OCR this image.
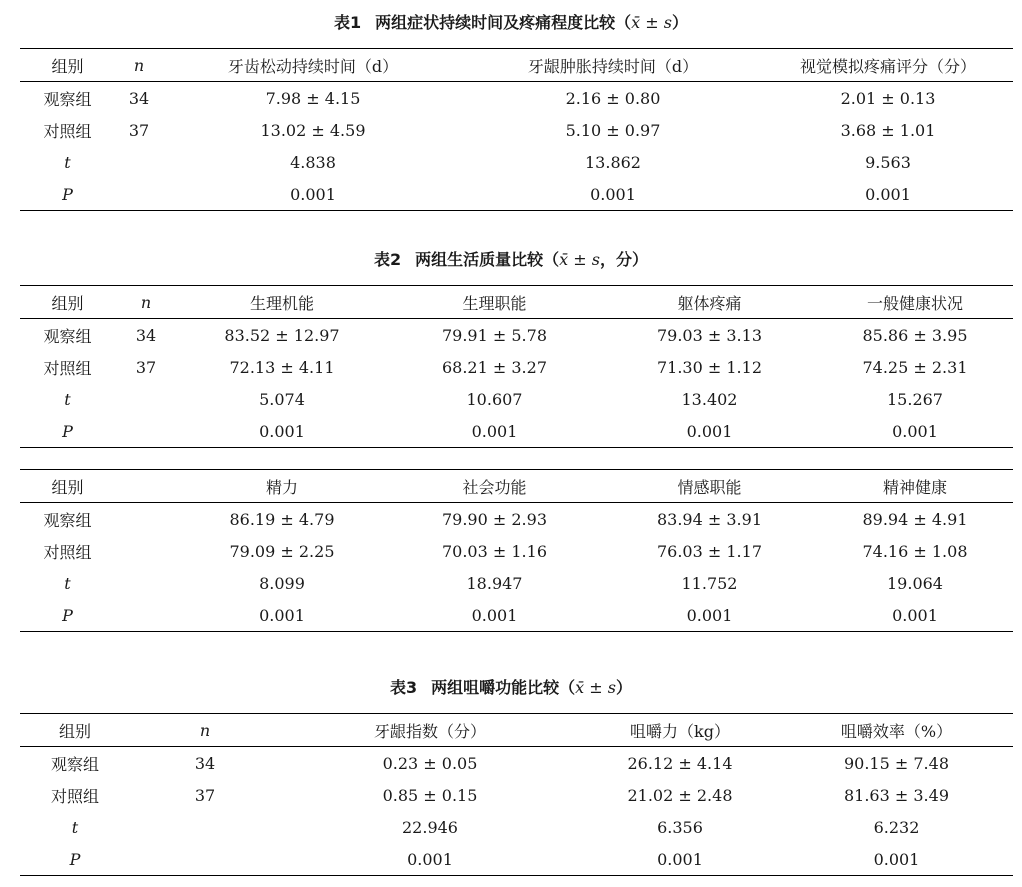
表1 两组症状持续时间及疼痛程度比较（x̄ ± s）

组别	n	牙齿松动持续时间（d）	牙龈肿胀持续时间（d）	视觉模拟疼痛评分（分）
观察组	34	7.98 ± 4.15	2.16 ± 0.80	2.01 ± 0.13
对照组	37	13.02 ± 4.59	5.10 ± 0.97	3.68 ± 1.01
t		4.838	13.862	9.563
P		0.001	0.001	0.001

表2 两组生活质量比较（x̄ ± s，分）

组别	n	生理机能	生理职能	躯体疼痛	一般健康状况
观察组	34	83.52 ± 12.97	79.91 ± 5.78	79.03 ± 3.13	85.86 ± 3.95
对照组	37	72.13 ± 4.11	68.21 ± 3.27	71.30 ± 1.12	74.25 ± 2.31
t		5.074	10.607	13.402	15.267
P		0.001	0.001	0.001	0.001
组别		精力	社会功能	情感职能	精神健康
观察组		86.19 ± 4.79	79.90 ± 2.93	83.94 ± 3.91	89.94 ± 4.91
对照组		79.09 ± 2.25	70.03 ± 1.16	76.03 ± 1.17	74.16 ± 1.08
t		8.099	18.947	11.752	19.064
P		0.001	0.001	0.001	0.001

表3 两组咀嚼功能比较（x̄ ± s）

组别	n	牙龈指数（分）	咀嚼力（kg）	咀嚼效率（%）
观察组	34	0.23 ± 0.05	26.12 ± 4.14	90.15 ± 7.48
对照组	37	0.85 ± 0.15	21.02 ± 2.48	81.63 ± 3.49
t		22.946	6.356	6.232
P		0.001	0.001	0.001
